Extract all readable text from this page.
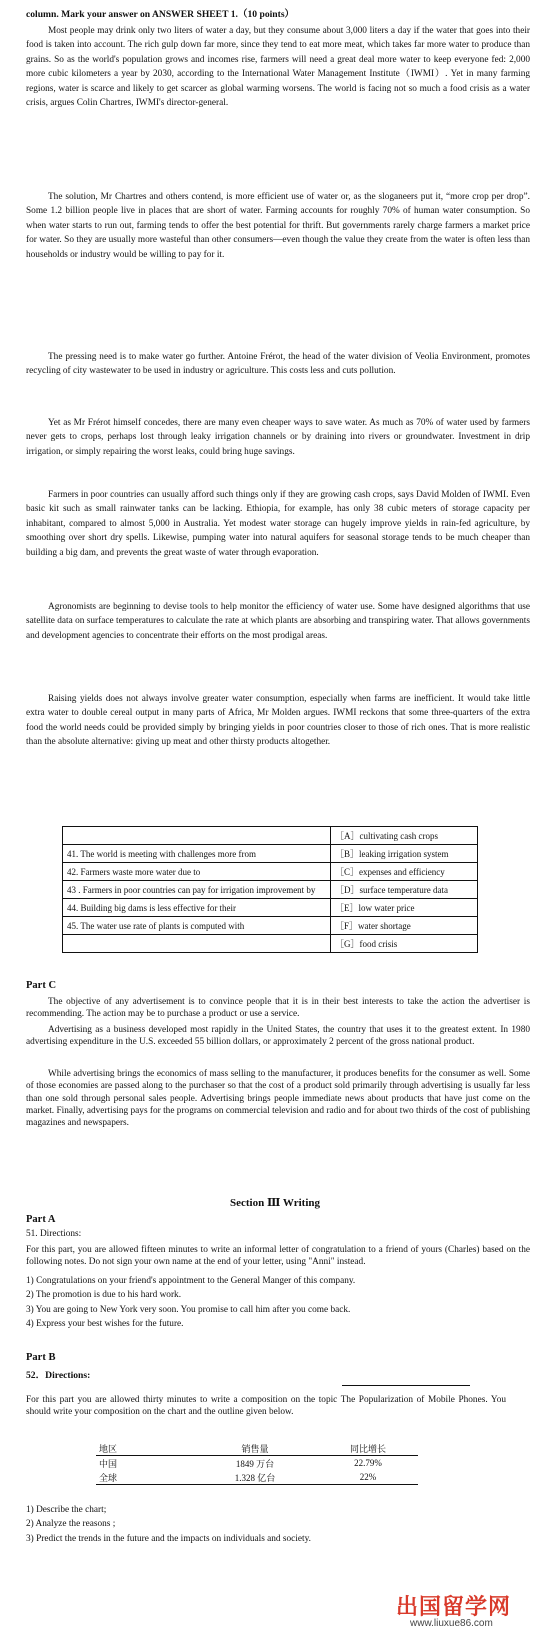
column. Mark your answer on ANSWER SHEET 1.（10 points）
Most people may drink only two liters of water a day, but they consume about 3,000 liters a day if the water that goes into their food is taken into account. The rich gulp down far more, since they tend to eat more meat, which takes far more water to produce than grains. So as the world's population grows and incomes rise, farmers will need a great deal more water to keep everyone fed: 2,000 more cubic kilometers a year by 2030, according to the International Water Management Institute（IWMI）. Yet in many farming regions, water is scarce and likely to get scarcer as global warming worsens. The world is facing not so much a food crisis as a water crisis, argues Colin Chartres, IWMI's director-general.
The solution, Mr Chartres and others contend, is more efficient use of water or, as the sloganeers put it, “more crop per drop”. Some 1.2 billion people live in places that are short of water. Farming accounts for roughly 70% of human water consumption. So when water starts to run out, farming tends to offer the best potential for thrift. But governments rarely charge farmers a market price for water. So they are usually more wasteful than other consumers—even though the value they create from the water is often less than households or industry would be willing to pay for it.
The pressing need is to make water go further. Antoine Frérot, the head of the water division of Veolia Environment, promotes recycling of city wastewater to be used in industry or agriculture. This costs less and cuts pollution.
Yet as Mr Frérot himself concedes, there are many even cheaper ways to save water. As much as 70% of water used by farmers never gets to crops, perhaps lost through leaky irrigation channels or by draining into rivers or groundwater. Investment in drip irrigation, or simply repairing the worst leaks, could bring huge savings.
Farmers in poor countries can usually afford such things only if they are growing cash crops, says David Molden of IWMI. Even basic kit such as small rainwater tanks can be lacking. Ethiopia, for example, has only 38 cubic meters of storage capacity per inhabitant, compared to almost 5,000 in Australia. Yet modest water storage can hugely improve yields in rain-fed agriculture, by smoothing over short dry spells. Likewise, pumping water into natural aquifers for seasonal storage tends to be much cheaper than building a big dam, and prevents the great waste of water through evaporation.
Agronomists are beginning to devise tools to help monitor the efficiency of water use. Some have designed algorithms that use satellite data on surface temperatures to calculate the rate at which plants are absorbing and transpiring water. That allows governments and development agencies to concentrate their efforts on the most prodigal areas.
Raising yields does not always involve greater water consumption, especially when farms are inefficient. It would take little extra water to double cereal output in many parts of Africa, Mr Molden argues. IWMI reckons that some three-quarters of the extra food the world needs could be provided simply by bringing yields in poor countries closer to those of rich ones. That is more realistic than the absolute alternative: giving up meat and other thirsty products altogether.
	［A］cultivating cash crops
41. The world is meeting with challenges more from	［B］leaking irrigation system
42. Farmers waste more water due to	［C］expenses and efficiency
43 . Farmers in poor countries can pay for irrigation improvement by	［D］surface temperature data
44. Building big dams is less effective for their	［E］low water price
45. The water use rate of plants is computed with	［F］water shortage
	［G］food crisis
Part C
The objective of any advertisement is to convince people that it is in their best interests to take the action the advertiser is recommending. The action may be to purchase a product or use a service.
Advertising as a business developed most rapidly in the United States, the country that uses it to the greatest extent. In 1980 advertising expenditure in the U.S. exceeded 55 billion dollars, or approximately 2 percent of the gross national product.
While advertising brings the economics of mass selling to the manufacturer, it produces benefits for the consumer as well. Some of those economies are passed along to the purchaser so that the cost of a product sold primarily through advertising is usually far less than one sold through personal sales people. Advertising brings people immediate news about products that have just come on the market. Finally, advertising pays for the programs on commercial television and radio and for about two thirds of the cost of publishing magazines and newspapers.
Section Ⅲ Writing
Part A
51. Directions:
For this part, you are allowed fifteen minutes to write an informal letter of congratulation to a friend of yours (Charles) based on the following notes. Do not sign your own name at the end of your letter, using "Anni" instead.
1) Congratulations on your friend's appointment to the General Manger of this company.
2) The promotion is due to his hard work.
3) You are going to New York very soon. You promise to call him after you come back.
4) Express your best wishes for the future.
Part B
52．Directions:
For this part you are allowed thirty minutes to write a composition on the topic The Popularization of Mobile Phones. You should write your composition on the chart and the outline given below.
地区	销售量	同比增长
中国	1849 万台	22.79%
全球	1.328 亿台	22%
1) Describe the chart;
2) Analyze the reasons ;
3) Predict the trends in the future and the impacts on individuals and society.
出国留学网
www.liuxue86.com
